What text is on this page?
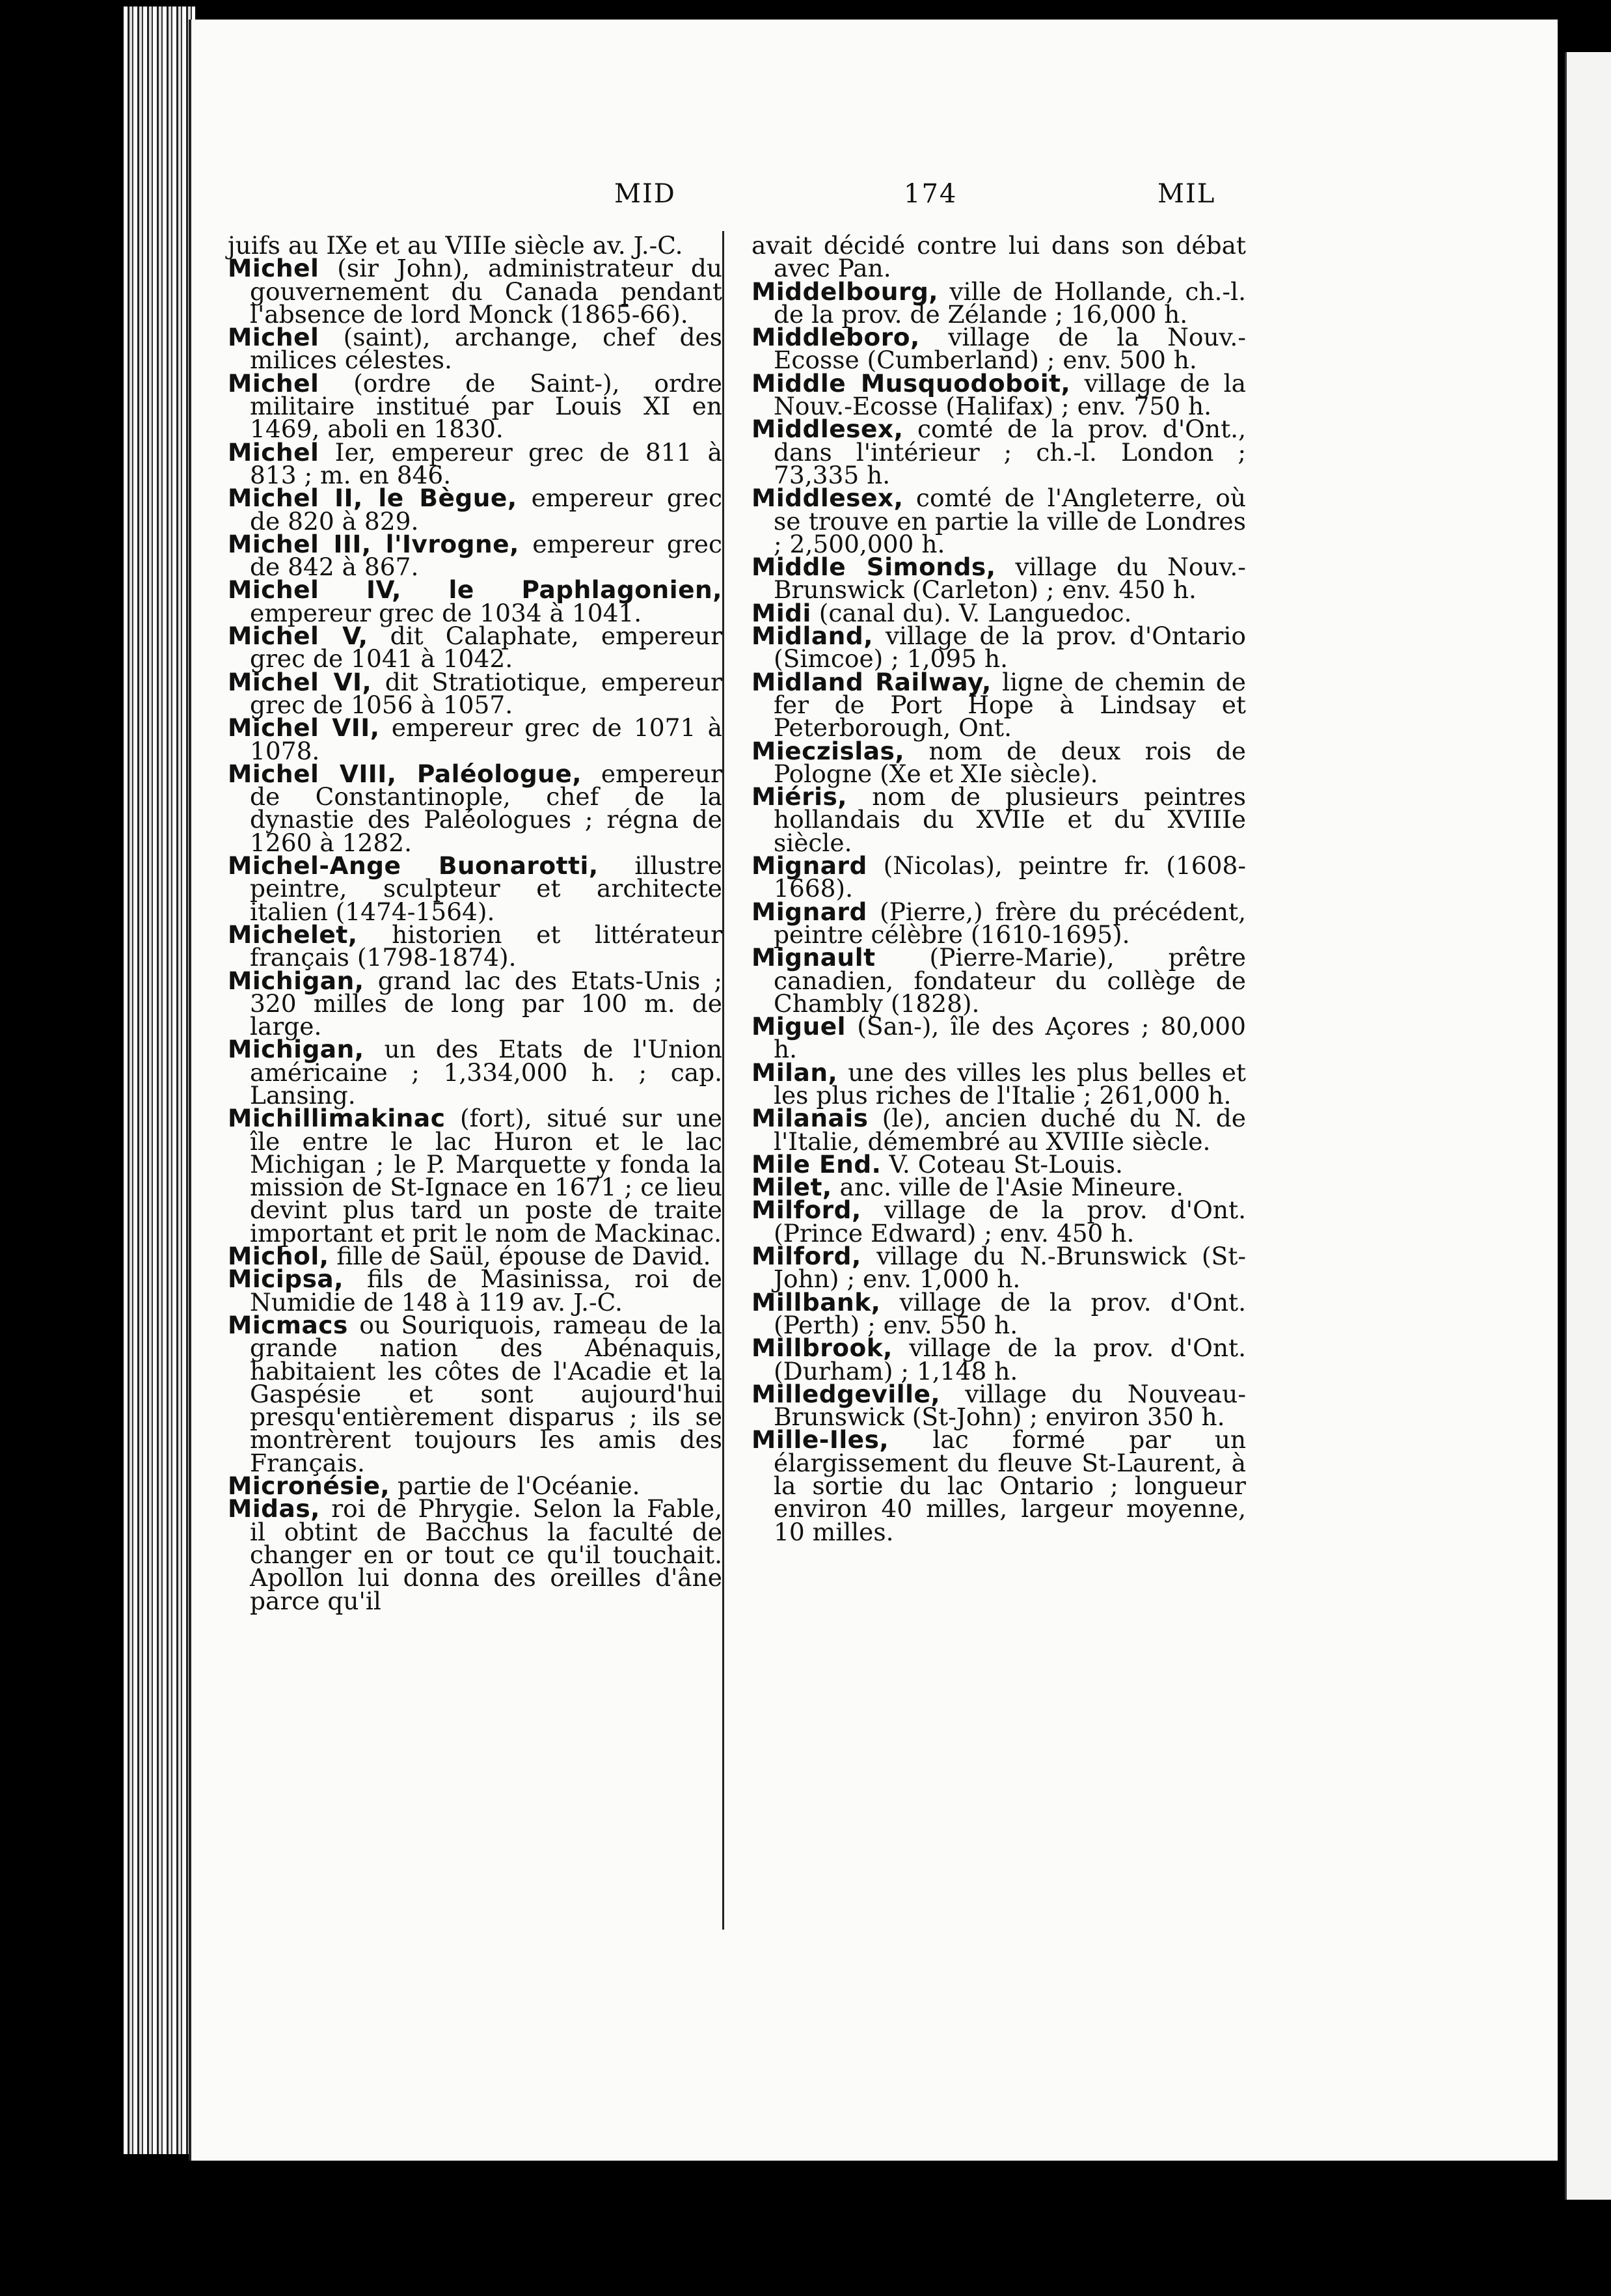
MID	174	MIL

juifs au IXe et au VIIIe siècle av. J.-C.

Michel (sir John), administrateur du gouvernement du Canada pendant l'absence de lord Monck (1865-66).

Michel (saint), archange, chef des milices célestes.

Michel (ordre de Saint-), ordre militaire institué par Louis XI en 1469, aboli en 1830.

Michel Ier, empereur grec de 811 à 813 ; m. en 846.

Michel II, le Bègue, empereur grec de 820 à 829.

Michel III, l'Ivrogne, empereur grec de 842 à 867.

Michel IV, le Paphlagonien, empereur grec de 1034 à 1041.

Michel V, dit Calaphate, empereur grec de 1041 à 1042.

Michel VI, dit Stratiotique, empereur grec de 1056 à 1057.

Michel VII, empereur grec de 1071 à 1078.

Michel VIII, Paléologue, empereur de Constantinople, chef de la dynastie des Paléologues ; régna de 1260 à 1282.

Michel-Ange Buonarotti, illustre peintre, sculpteur et architecte italien (1474-1564).

Michelet, historien et littérateur français (1798-1874).

Michigan, grand lac des Etats-Unis ; 320 milles de long par 100 m. de large.

Michigan, un des Etats de l'Union américaine ; 1,334,000 h. ; cap. Lansing.

Michillimakinac (fort), situé sur une île entre le lac Huron et le lac Michigan ; le P. Marquette y fonda la mission de St-Ignace en 1671 ; ce lieu devint plus tard un poste de traite important et prit le nom de Mackinac.

Michol, fille de Saül, épouse de David.

Micipsa, fils de Masinissa, roi de Numidie de 148 à 119 av. J.-C.

Micmacs ou Souriquois, rameau de la grande nation des Abénaquis, habitaient les côtes de l'Acadie et la Gaspésie et sont aujourd'hui presqu'entièrement disparus ; ils se montrèrent toujours les amis des Français.

Micronésie, partie de l'Océanie.

Midas, roi de Phrygie. Selon la Fable, il obtint de Bacchus la faculté de changer en or tout ce qu'il touchait. Apollon lui donna des oreilles d'âne parce qu'il

avait décidé contre lui dans son débat avec Pan.

Middelbourg, ville de Hollande, ch.-l. de la prov. de Zélande ; 16,000 h.

Middleboro, village de la Nouv.-Ecosse (Cumberland) ; env. 500 h.

Middle Musquodoboit, village de la Nouv.-Ecosse (Halifax) ; env. 750 h.

Middlesex, comté de la prov. d'Ont., dans l'intérieur ; ch.-l. London ; 73,335 h.

Middlesex, comté de l'Angleterre, où se trouve en partie la ville de Londres ; 2,500,000 h.

Middle Simonds, village du Nouv.-Brunswick (Carleton) ; env. 450 h.

Midi (canal du). V. Languedoc.

Midland, village de la prov. d'Ontario (Simcoe) ; 1,095 h.

Midland Railway, ligne de chemin de fer de Port Hope à Lindsay et Peterborough, Ont.

Mieczislas, nom de deux rois de Pologne (Xe et XIe siècle).

Miéris, nom de plusieurs peintres hollandais du XVIIe et du XVIIIe siècle.

Mignard (Nicolas), peintre fr. (1608-1668).

Mignard (Pierre,) frère du précédent, peintre célèbre (1610-1695).

Mignault (Pierre-Marie), prêtre canadien, fondateur du collège de Chambly (1828).

Miguel (San-), île des Açores ; 80,000 h.

Milan, une des villes les plus belles et les plus riches de l'Italie ; 261,000 h.

Milanais (le), ancien duché du N. de l'Italie, démembré au XVIIIe siècle.

Mile End. V. Coteau St-Louis.

Milet, anc. ville de l'Asie Mineure.

Milford, village de la prov. d'Ont. (Prince Edward) ; env. 450 h.

Milford, village du N.-Brunswick (St-John) ; env. 1,000 h.

Millbank, village de la prov. d'Ont. (Perth) ; env. 550 h.

Millbrook, village de la prov. d'Ont. (Durham) ; 1,148 h.

Milledgeville, village du Nouveau-Brunswick (St-John) ; environ 350 h.

Mille-Iles, lac formé par un élargissement du fleuve St-Laurent, à la sortie du lac Ontario ; longueur environ 40 milles, largeur moyenne, 10 milles.
